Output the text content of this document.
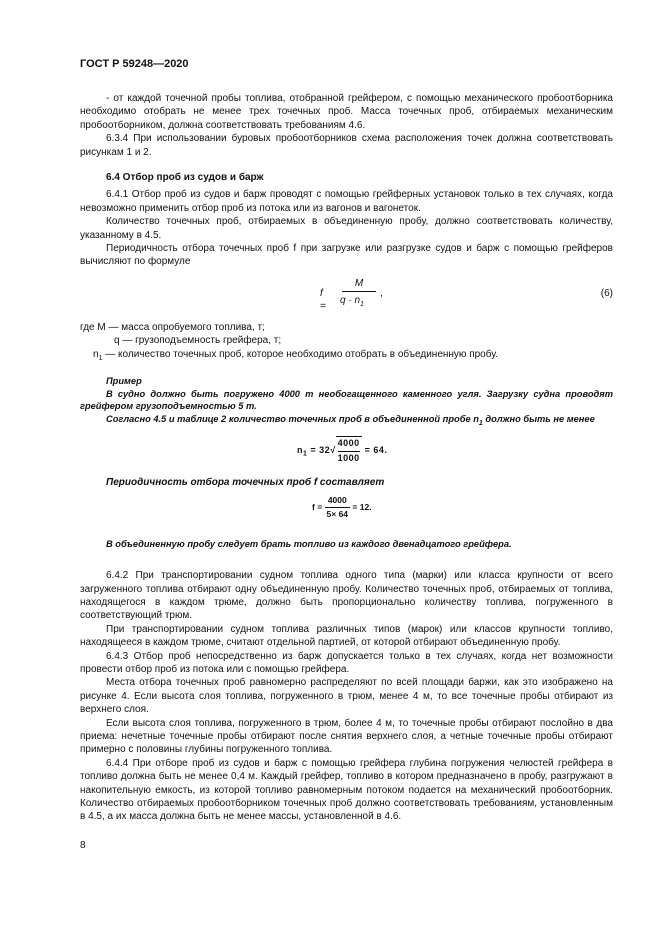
ГОСТ Р 59248—2020

- от каждой точечной пробы топлива, отобранной грейфером, с помощью механического пробоотборника необходимо отобрать не менее трех точечных проб. Масса точечных проб, отбираемых механическим пробоотборником, должна соответствовать требованиям 4.6.

6.3.4 При использовании буровых пробоотборников схема расположения точек должна соответствовать рисункам 1 и 2.

6.4 Отбор проб из судов и барж

6.4.1 Отбор проб из судов и барж проводят с помощью грейферных установок только в тех случаях, когда невозможно применить отбор проб из потока или из вагонов и вагонеток.

Количество точечных проб, отбираемых в объединенную пробу, должно соответствовать количеству, указанному в 4.5.

Периодичность отбора точечных проб f при загрузке или разгрузке судов и барж с помощью грейферов вычисляют по формуле

f =
M
$q \cdot n_1$
,	(6)

где M — масса опробуемого топлива, т;

q — грузоподъемность грейфера, т;

$n_1$ — количество точечных проб, которое необходимо отобрать в объединенную пробу.

Пример

В судно должно быть погружено 4000 т необогащенного каменного угля. Загрузку судна проводят грейфером грузоподъемностью 5 т.

Согласно 4.5 и таблице 2 количество точечных проб в объединенной пробе $n_1$ должно быть не менее

$n_1 = 32√ \frac{4000}{1000} = 64$.

Периодичность отбора точечных проб f составляет

$f = \frac{4000}{5\times 64} = 12$.

В объединенную пробу следует брать топливо из каждого двенадцатого грейфера.

6.4.2 При транспортировании судном топлива одного типа (марки) или класса крупности от всего загруженного топлива отбирают одну объединенную пробу. Количество точечных проб, отбираемых от топлива, находящегося в каждом трюме, должно быть пропорционально количеству топлива, погруженного в соответствующий трюм.

При транспортировании судном топлива различных типов (марок) или классов крупности топливо, находящееся в каждом трюме, считают отдельной партией, от которой отбирают объединенную пробу.

6.4.3 Отбор проб непосредственно из барж допускается только в тех случаях, когда нет возможности провести отбор проб из потока или с помощью грейфера.

Места отбора точечных проб равномерно распределяют по всей площади баржи, как это изображено на рисунке 4. Если высота слоя топлива, погруженного в трюм, менее 4 м, то все точечные пробы отбирают из верхнего слоя.

Если высота слоя топлива, погруженного в трюм, более 4 м, то точечные пробы отбирают послойно в два приема: нечетные точечные пробы отбирают после снятия верхнего слоя, а четные точечные пробы отбирают примерно с половины глубины погруженного топлива.

6.4.4 При отборе проб из судов и барж с помощью грейфера глубина погружения челюстей грейфера в топливо должна быть не менее 0,4 м. Каждый грейфер, топливо в котором предназначено в пробу, разгружают в накопительную емкость, из которой топливо равномерным потоком подается на механический пробоотборник. Количество отбираемых пробоотборником точечных проб должно соответствовать требованиям, установленным в 4.5, а их масса должна быть не менее массы, установленной в 4.6.

8
